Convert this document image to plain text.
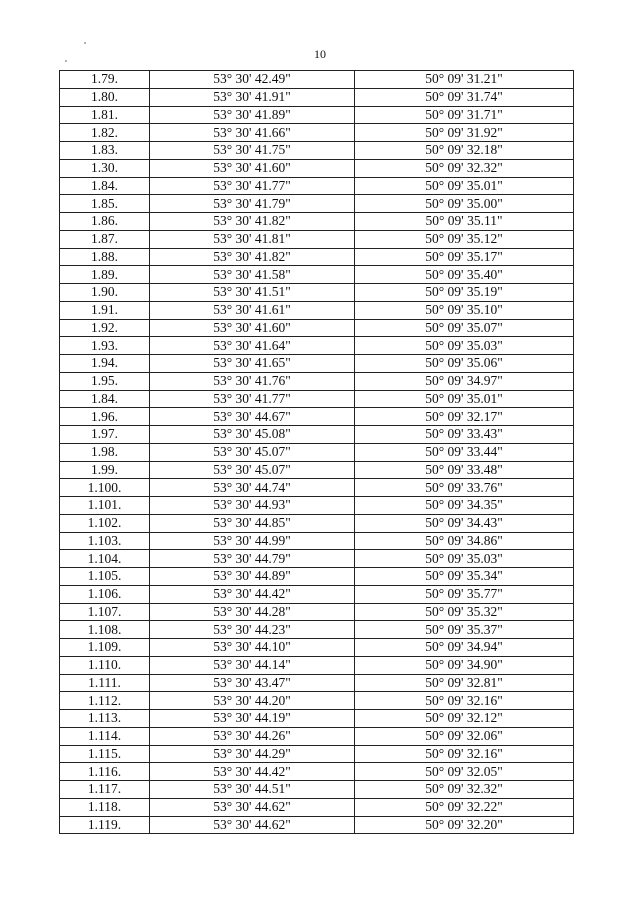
10
1.79.	53° 30' 42.49"	50° 09' 31.21"
1.80.	53° 30' 41.91"	50° 09' 31.74"
1.81.	53° 30' 41.89"	50° 09' 31.71"
1.82.	53° 30' 41.66"	50° 09' 31.92"
1.83.	53° 30' 41.75"	50° 09' 32.18"
1.30.	53° 30' 41.60"	50° 09' 32.32"
1.84.	53° 30' 41.77"	50° 09' 35.01"
1.85.	53° 30' 41.79"	50° 09' 35.00"
1.86.	53° 30' 41.82"	50° 09' 35.11"
1.87.	53° 30' 41.81"	50° 09' 35.12"
1.88.	53° 30' 41.82"	50° 09' 35.17"
1.89.	53° 30' 41.58"	50° 09' 35.40"
1.90.	53° 30' 41.51"	50° 09' 35.19"
1.91.	53° 30' 41.61"	50° 09' 35.10"
1.92.	53° 30' 41.60"	50° 09' 35.07"
1.93.	53° 30' 41.64"	50° 09' 35.03"
1.94.	53° 30' 41.65"	50° 09' 35.06"
1.95.	53° 30' 41.76"	50° 09' 34.97"
1.84.	53° 30' 41.77"	50° 09' 35.01"
1.96.	53° 30' 44.67"	50° 09' 32.17"
1.97.	53° 30' 45.08"	50° 09' 33.43"
1.98.	53° 30' 45.07"	50° 09' 33.44"
1.99.	53° 30' 45.07"	50° 09' 33.48"
1.100.	53° 30' 44.74"	50° 09' 33.76"
1.101.	53° 30' 44.93"	50° 09' 34.35"
1.102.	53° 30' 44.85"	50° 09' 34.43"
1.103.	53° 30' 44.99"	50° 09' 34.86"
1.104.	53° 30' 44.79"	50° 09' 35.03"
1.105.	53° 30' 44.89"	50° 09' 35.34"
1.106.	53° 30' 44.42"	50° 09' 35.77"
1.107.	53° 30' 44.28"	50° 09' 35.32"
1.108.	53° 30' 44.23"	50° 09' 35.37"
1.109.	53° 30' 44.10"	50° 09' 34.94"
1.110.	53° 30' 44.14"	50° 09' 34.90"
1.111.	53° 30' 43.47"	50° 09' 32.81"
1.112.	53° 30' 44.20"	50° 09' 32.16"
1.113.	53° 30' 44.19"	50° 09' 32.12"
1.114.	53° 30' 44.26"	50° 09' 32.06"
1.115.	53° 30' 44.29"	50° 09' 32.16"
1.116.	53° 30' 44.42"	50° 09' 32.05"
1.117.	53° 30' 44.51"	50° 09' 32.32"
1.118.	53° 30' 44.62"	50° 09' 32.22"
1.119.	53° 30' 44.62"	50° 09' 32.20"
